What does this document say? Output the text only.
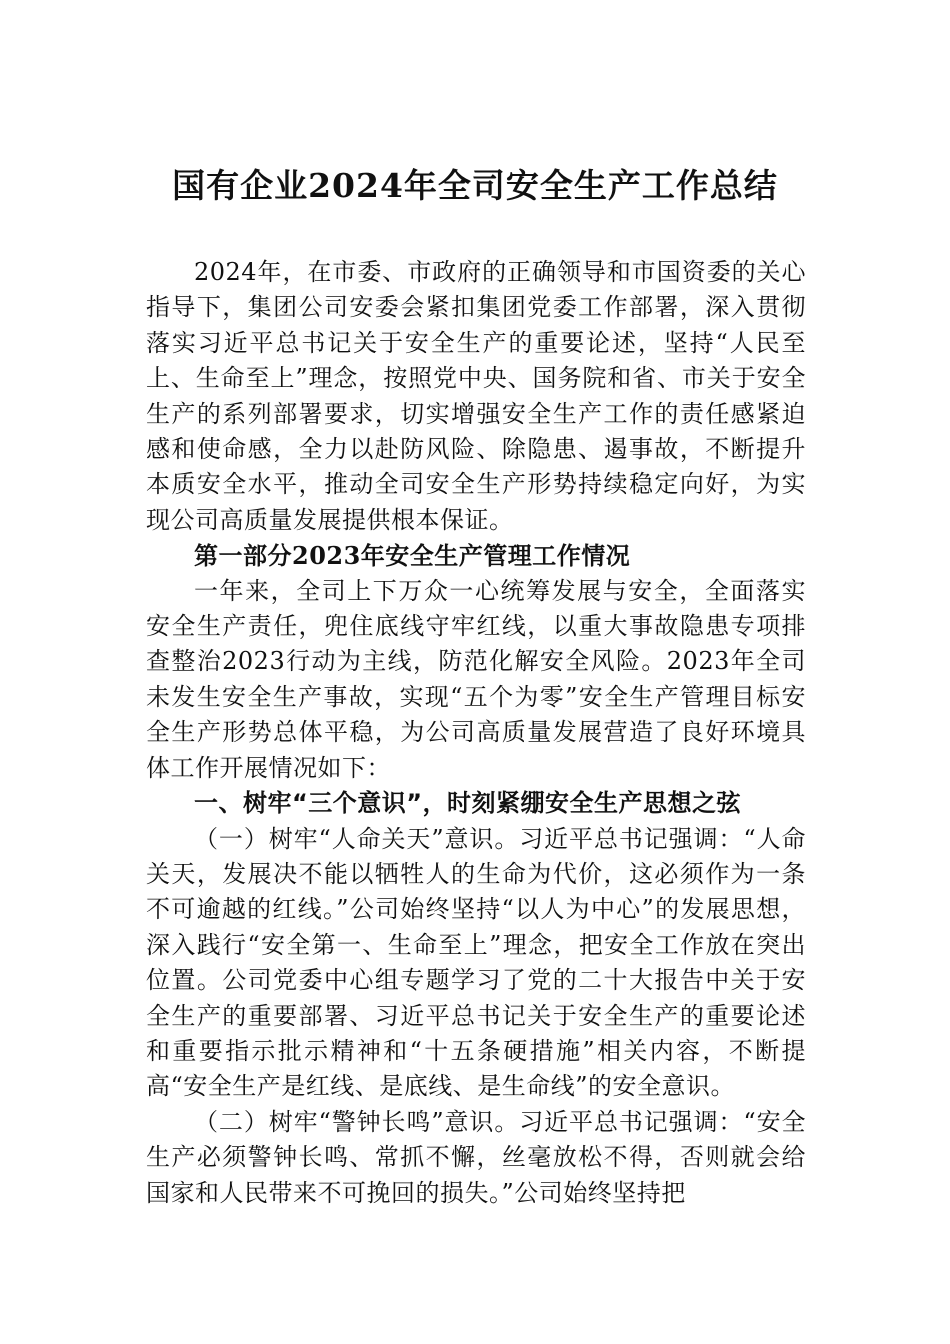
国有企业2024年全司安全生产工作总结

2024年，在市委、市政府的正确领导和市国资委的关心指导下，集团公司安委会紧扣集团党委工作部署，深入贯彻落实习近平总书记关于安全生产的重要论述，坚持“人民至上、生命至上”理念，按照党中央、国务院和省、市关于安全生产的系列部署要求，切实增强安全生产工作的责任感紧迫感和使命感，全力以赴防风险、除隐患、遏事故，不断提升本质安全水平，推动全司安全生产形势持续稳定向好，为实现公司高质量发展提供根本保证。

第一部分2023年安全生产管理工作情况

一年来，全司上下万众一心统筹发展与安全，全面落实安全生产责任，兜住底线守牢红线，以重大事故隐患专项排查整治2023行动为主线，防范化解安全风险。2023年全司未发生安全生产事故，实现“五个为零”安全生产管理目标安全生产形势总体平稳，为公司高质量发展营造了良好环境具体工作开展情况如下：

一、树牢“三个意识”，时刻紧绷安全生产思想之弦

（一）树牢“人命关天”意识。习近平总书记强调：“人命关天，发展决不能以牺牲人的生命为代价，这必须作为一条不可逾越的红线。”公司始终坚持“以人为中心”的发展思想，深入践行“安全第一、生命至上”理念，把安全工作放在突出位置。公司党委中心组专题学习了党的二十大报告中关于安全生产的重要部署、习近平总书记关于安全生产的重要论述和重要指示批示精神和“十五条硬措施”相关内容，不断提高“安全生产是红线、是底线、是生命线”的安全意识。

（二）树牢“警钟长鸣”意识。习近平总书记强调：“安全生产必须警钟长鸣、常抓不懈，丝毫放松不得，否则就会给国家和人民带来不可挽回的损失。”公司始终坚持把
